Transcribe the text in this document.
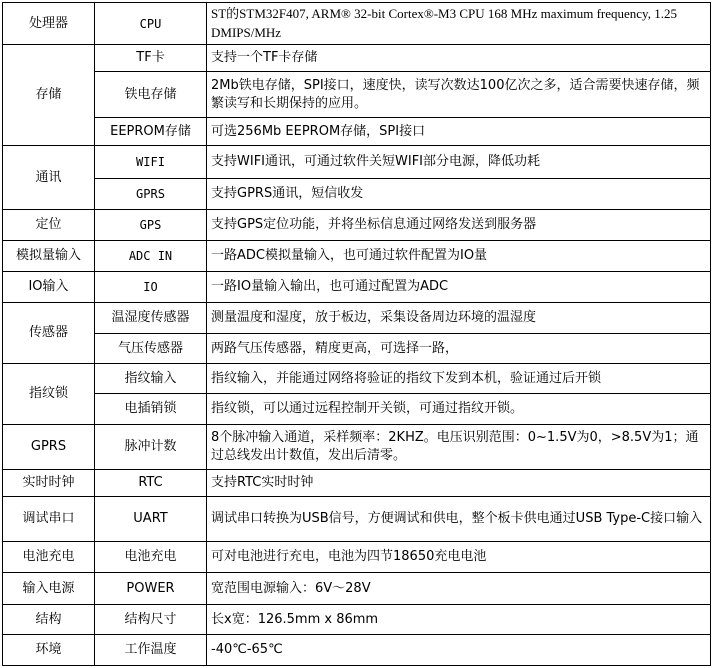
处理器	CPU	ST的STM32F407, ARM® 32-bit Cortex®-M3 CPU 168 MHz maximum frequency, 1.25 DMIPS/MHz
存储	TF卡	支持一个TF卡存储
	铁电存储	2Mb铁电存储，SPI接口，速度快，读写次数达100亿次之多，适合需要快速存储，频繁读写和长期保持的应用。
	EEPROM存储	可选256Mb EEPROM存储，SPI接口
通讯	WIFI	支持WIFI通讯，可通过软件关短WIFI部分电源，降低功耗
	GPRS	支持GPRS通讯，短信收发
定位	GPS	支持GPS定位功能，并将坐标信息通过网络发送到服务器
模拟量输入	ADC IN	一路ADC模拟量输入，也可通过软件配置为IO量
IO输入	IO	一路IO量输入输出，也可通过配置为ADC
传感器	温湿度传感器	测量温度和湿度，放于板边，采集设备周边环境的温湿度
	气压传感器	两路气压传感器，精度更高，可选择一路，
指纹锁	指纹输入	指纹输入，并能通过网络将验证的指纹下发到本机，验证通过后开锁
	电插销锁	指纹锁，可以通过远程控制开关锁，可通过指纹开锁。
GPRS	脉冲计数	8个脉冲输入通道，采样频率：2KHZ。电压识别范围：0~1.5V为0，>8.5V为1；通过总线发出计数值，发出后清零。
实时时钟	RTC	支持RTC实时时钟
调试串口	UART	调试串口转换为USB信号，方便调试和供电，整个板卡供电通过USB Type-C接口输入
电池充电	电池充电	可对电池进行充电，电池为四节18650充电电池
输入电源	POWER	宽范围电源输入：6V～28V
结构	结构尺寸	长x宽：126.5mm x 86mm
环境	工作温度	-40℃-65℃
